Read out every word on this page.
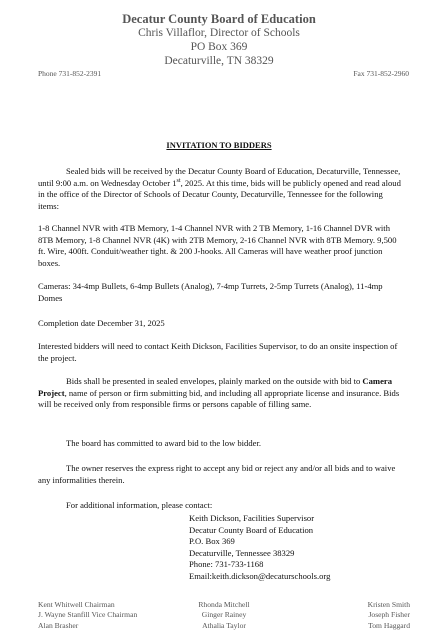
Decatur County Board of Education
Chris Villaflor, Director of Schools
PO Box 369
Decaturville, TN 38329
Phone 731-852-2391	Fax 731-852-2960
INVITATION TO BIDDERS
Sealed bids will be received by the Decatur County Board of Education, Decaturville, Tennessee, until 9:00 a.m. on Wednesday October 1st, 2025. At this time, bids will be publicly opened and read aloud in the office of the Director of Schools of Decatur County, Decaturville, Tennessee for the following items:
1-8 Channel NVR with 4TB Memory, 1-4 Channel NVR with 2 TB Memory, 1-16 Channel DVR with 8TB Memory, 1-8 Channel NVR (4K) with 2TB Memory, 2-16 Channel NVR with 8TB Memory. 9,500 ft. Wire, 400ft. Conduit/weather tight. & 200 J-hooks. All Cameras will have weather proof junction boxes.
Cameras: 34-4mp Bullets, 6-4mp Bullets (Analog), 7-4mp Turrets, 2-5mp Turrets (Analog), 11-4mp Domes
Completion date December 31, 2025
Interested bidders will need to contact Keith Dickson, Facilities Supervisor, to do an onsite inspection of the project.
Bids shall be presented in sealed envelopes, plainly marked on the outside with bid to Camera Project, name of person or firm submitting bid, and including all appropriate license and insurance. Bids will be received only from responsible firms or persons capable of filling same.
The board has committed to award bid to the low bidder.
The owner reserves the express right to accept any bid or reject any and/or all bids and to waive any informalities therein.
For additional information, please contact:
Keith Dickson, Facilities Supervisor
Decatur County Board of Education
P.O. Box 369
Decaturville, Tennessee 38329
Phone: 731-733-1168
Email:keith.dickson@decaturschools.org
Kent Whitwell Chairman
J. Wayne Stanfill Vice Chairman
Alan Brasher
Rhonda Mitchell
Ginger Rainey
Athalia Taylor
Kristen Smith
Joseph Fisher
Tom Haggard
